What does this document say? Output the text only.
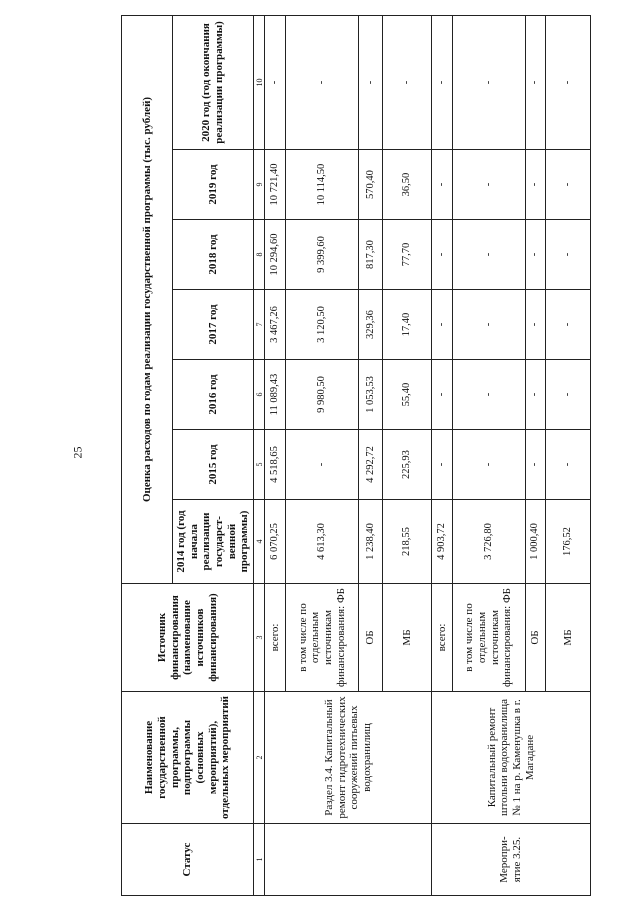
25
Статус	Наименование государственной программы, подпрограммы (основных мероприятий), отдельных мероприятий	Источник финансирования (наименование источников финансирования)	Оценка расходов по годам реализации государственной программы (тыс. рублей)						
			2014 год (год начала реализации государст-венной программы)	2015 год	2016 год	2017 год	2018 год	2019 год	2020 год (год окончания реализации программы)
1	2	3	4	5	6	7	8	9	10
	Раздел 3.4. Капитальный ремонт гидротехнических сооружений питьевых водохранилищ	всего:	6 070,25	4 518,65	11 089,43	3 467,26	10 294,60	10 721,40	-
		в том числе по отдельным источникам финансирования: ФБ	4 613,30	-	9 980,50	3 120,50	9 399,60	10 114,50	-
		ОБ	1 238,40	4 292,72	1 053,53	329,36	817,30	570,40	-
		МБ	218,55	225,93	55,40	17,40	77,70	36,50	-
Меропри-ятие 3.25.	Капитальный ремонт штольни водохранилища № 1 на р. Каменушка в г. Магадане	всего:	4 903,72	-	-	-	-	-	-
		в том числе по отдельным источникам финансирования: ФБ	3 726,80	-	-	-	-	-	-
		ОБ	1 000,40	-	-	-	-	-	-
		МБ	176,52	-	-	-	-	-	-
